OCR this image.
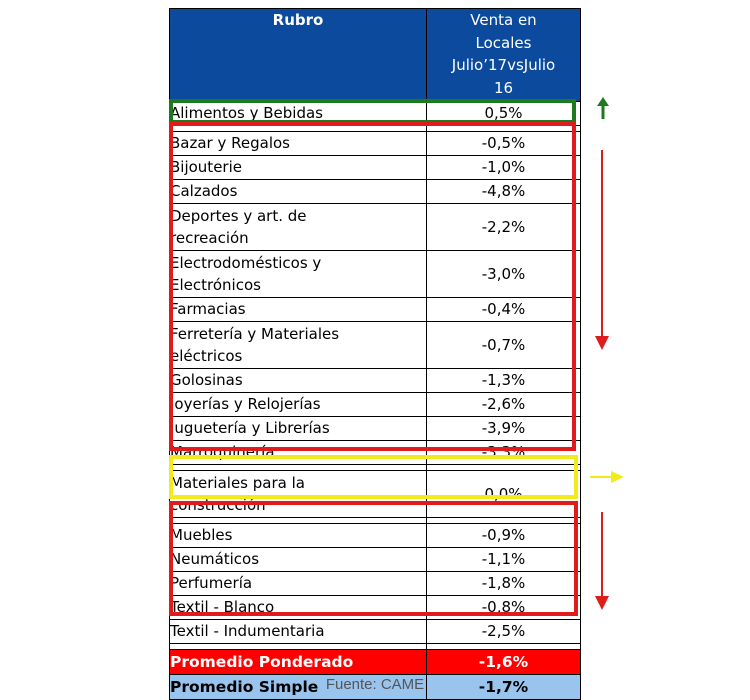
Rubro	Venta en
Locales
Julio’17vsJulio
16

Alimentos y Bebidas	0,5%

Bazar y Regalos	-0,5%

Bijouterie	-1,0%

Calzados	-4,8%

Deportes y art. de
recreación	-2,2%

Electrodomésticos y
Electrónicos	-3,0%

Farmacias	-0,4%

Ferretería y Materiales
eléctricos	-0,7%

Golosinas	-1,3%

Joyerías y Relojerías	-2,6%

Juguetería y Librerías	-3,9%

Marroquinería	-3,3%

Materiales para la
construcción	0,0%

Muebles	-0,9%

Neumáticos	-1,1%

Perfumería	-1,8%

Textil - Blanco	-0,8%

Textil - Indumentaria	-2,5%

Promedio Ponderado	-1,6%
Promedio Simple	-1,7%
Fuente: CAME
